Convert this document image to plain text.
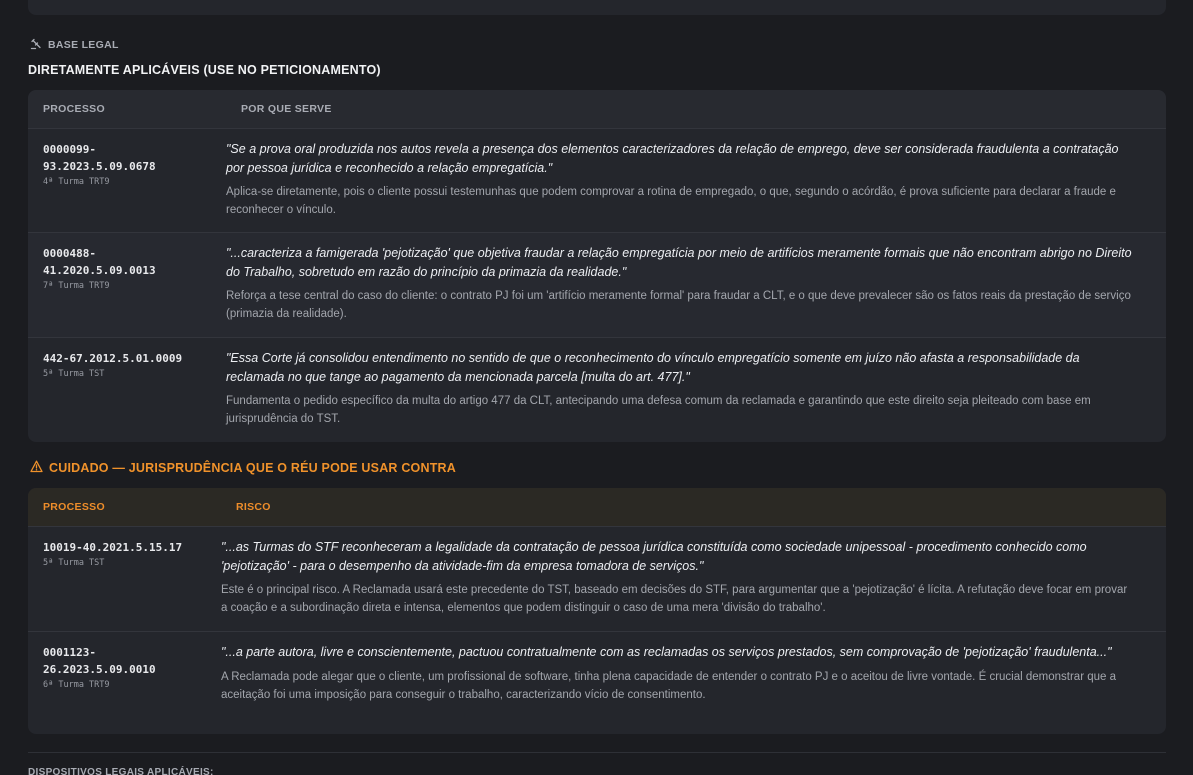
BASE LEGAL
DIRETAMENTE APLICÁVEIS (USE NO PETICIONAMENTO)
PROCESSO	POR QUE SERVE
0000099-
93.2023.5.09.0678
4ª Turma TRT9
"Se a prova oral produzida nos autos revela a presença dos elementos caracterizadores da relação de emprego, deve ser considerada fraudulenta a contratação por pessoa jurídica e reconhecido a relação empregatícia."
Aplica-se diretamente, pois o cliente possui testemunhas que podem comprovar a rotina de empregado, o que, segundo o acórdão, é prova suficiente para declarar a fraude e reconhecer o vínculo.
0000488-
41.2020.5.09.0013
7ª Turma TRT9
"...caracteriza a famigerada 'pejotização' que objetiva fraudar a relação empregatícia por meio de artifícios meramente formais que não encontram abrigo no Direito do Trabalho, sobretudo em razão do princípio da primazia da realidade."
Reforça a tese central do caso do cliente: o contrato PJ foi um 'artifício meramente formal' para fraudar a CLT, e o que deve prevalecer são os fatos reais da prestação de serviço (primazia da realidade).
442-67.2012.5.01.0009
5ª Turma TST
"Essa Corte já consolidou entendimento no sentido de que o reconhecimento do vínculo empregatício somente em juízo não afasta a responsabilidade da reclamada no que tange ao pagamento da mencionada parcela [multa do art. 477]."
Fundamenta o pedido específico da multa do artigo 477 da CLT, antecipando uma defesa comum da reclamada e garantindo que este direito seja pleiteado com base em jurisprudência do TST.
CUIDADO — JURISPRUDÊNCIA QUE O RÉU PODE USAR CONTRA
PROCESSO	RISCO
10019-40.2021.5.15.17
5ª Turma TST
"...as Turmas do STF reconheceram a legalidade da contratação de pessoa jurídica constituída como sociedade unipessoal - procedimento conhecido como 'pejotização' - para o desempenho da atividade-fim da empresa tomadora de serviços."
Este é o principal risco. A Reclamada usará este precedente do TST, baseado em decisões do STF, para argumentar que a 'pejotização' é lícita. A refutação deve focar em provar a coação e a subordinação direta e intensa, elementos que podem distinguir o caso de uma mera 'divisão do trabalho'.
0001123-
26.2023.5.09.0010
6ª Turma TRT9
"...a parte autora, livre e conscientemente, pactuou contratualmente com as reclamadas os serviços prestados, sem comprovação de 'pejotização' fraudulenta..."
A Reclamada pode alegar que o cliente, um profissional de software, tinha plena capacidade de entender o contrato PJ e o aceitou de livre vontade. É crucial demonstrar que a aceitação foi uma imposição para conseguir o trabalho, caracterizando vício de consentimento.
DISPOSITIVOS LEGAIS APLICÁVEIS:
